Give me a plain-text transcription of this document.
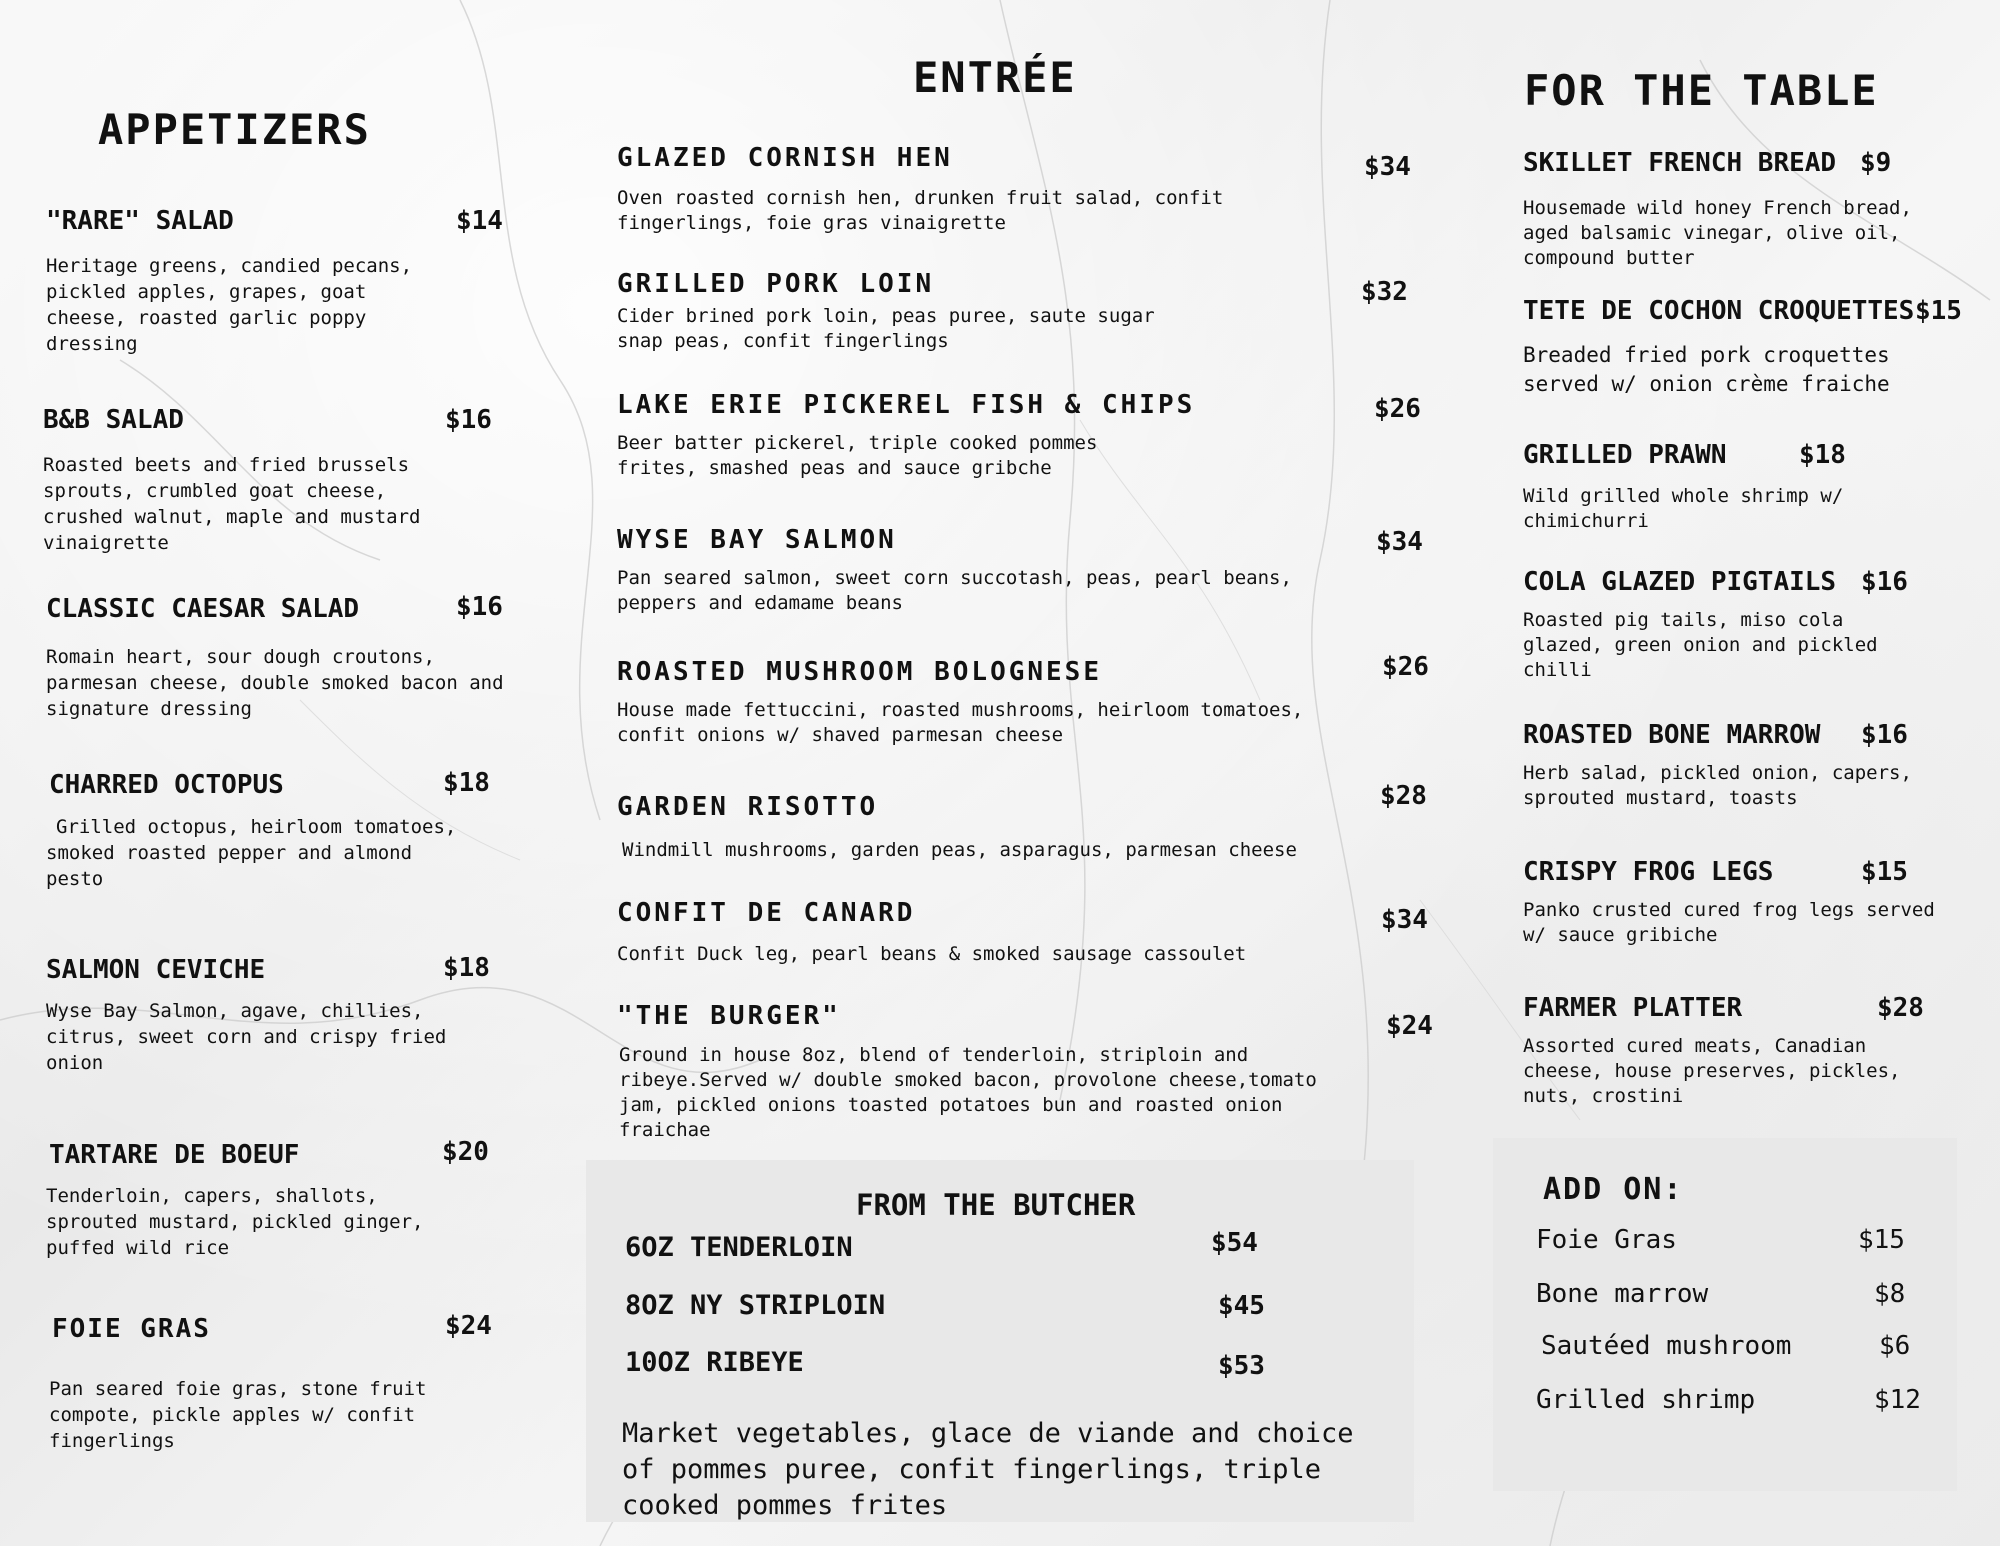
APPETIZERS
"RARE" SALAD	$14
Heritage greens, candied pecans, pickled apples, grapes, goat cheese, roasted garlic poppy dressing
B&B SALAD	$16
Roasted beets and fried brussels sprouts, crumbled goat cheese, crushed walnut, maple and mustard vinaigrette
CLASSIC CAESAR SALAD	$16
Romain heart, sour dough croutons, parmesan cheese, double smoked bacon and signature dressing
CHARRED OCTOPUS	$18
Grilled octopus, heirloom tomatoes, smoked roasted pepper and almond pesto
SALMON CEVICHE	$18
Wyse Bay Salmon, agave, chillies, citrus, sweet corn and crispy fried onion
TARTARE DE BOEUF	$20
Tenderloin, capers, shallots, sprouted mustard, pickled ginger, puffed wild rice
FOIE GRAS	$24
Pan seared foie gras, stone fruit compote, pickle apples w/ confit fingerlings
ENTRÉE
GLAZED CORNISH HEN	$34
Oven roasted cornish hen, drunken fruit salad, confit fingerlings, foie gras vinaigrette
GRILLED PORK LOIN	$32
Cider brined pork loin, peas puree, saute sugar snap peas, confit fingerlings
LAKE ERIE PICKEREL FISH & CHIPS	$26
Beer batter pickerel, triple cooked pommes frites, smashed peas and sauce gribche
WYSE BAY SALMON	$34
Pan seared salmon, sweet corn succotash, peas, pearl beans, peppers and edamame beans
ROASTED MUSHROOM BOLOGNESE	$26
House made fettuccini, roasted mushrooms, heirloom tomatoes, confit onions w/ shaved parmesan cheese
GARDEN RISOTTO	$28
Windmill mushrooms, garden peas, asparagus, parmesan cheese
CONFIT DE CANARD	$34
Confit Duck leg, pearl beans & smoked sausage cassoulet
"THE BURGER"	$24
Ground in house 8oz, blend of tenderloin, striploin and ribeye.Served w/ double smoked bacon, provolone cheese,tomato jam, pickled onions toasted potatoes bun and roasted onion fraichae
FROM THE BUTCHER
6OZ TENDERLOIN	$54
8OZ NY STRIPLOIN	$45
10OZ RIBEYE	$53
Market vegetables, glace de viande and choice of pommes puree, confit fingerlings, triple cooked pommes frites
FOR THE TABLE
SKILLET FRENCH BREAD $9
Housemade wild honey French bread, aged balsamic vinegar, olive oil, compound butter
TETE DE COCHON CROQUETTES $15
Breaded fried pork croquettes served w/ onion crème fraiche
GRILLED PRAWN	$18
Wild grilled whole shrimp w/ chimichurri
COLA GLAZED PIGTAILS $16
Roasted pig tails, miso cola glazed, green onion and pickled chilli
ROASTED BONE MARROW $16
Herb salad, pickled onion, capers, sprouted mustard, toasts
CRISPY FROG LEGS	$15
Panko crusted cured frog legs served w/ sauce gribiche
FARMER PLATTER	$28
Assorted cured meats, Canadian cheese, house preserves, pickles, nuts, crostini
ADD ON:
Foie Gras	$15
Bone marrow	$8
Sautéed mushroom	$6
Grilled shrimp	$12
